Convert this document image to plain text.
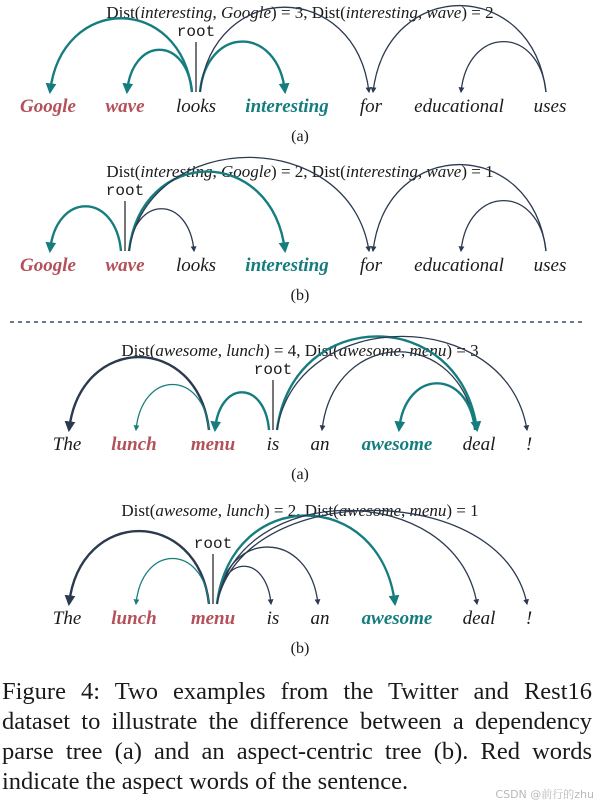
Dist(interesting, Google) = 3, Dist(interesting, wave) = 2
root
Google wave looks interesting for educational uses
(a)
Dist(interesting, Google) = 2, Dist(interesting, wave) = 1
root
Google wave looks interesting for educational uses
(b)
Dist(awesome, lunch) = 4, Dist(awesome, menu) = 3
root
The lunch menu is an awesome deal !
(a)
Dist(awesome, lunch) = 2, Dist(awesome, menu) = 1
root
The lunch menu is an awesome deal !
(b)

Figure 4: Two examples from the Twitter and Rest16 dataset to illustrate the difference between a dependency parse tree (a) and an aspect-centric tree (b). Red words indicate the aspect words of the sentence.	CSDN @前行的zhu
